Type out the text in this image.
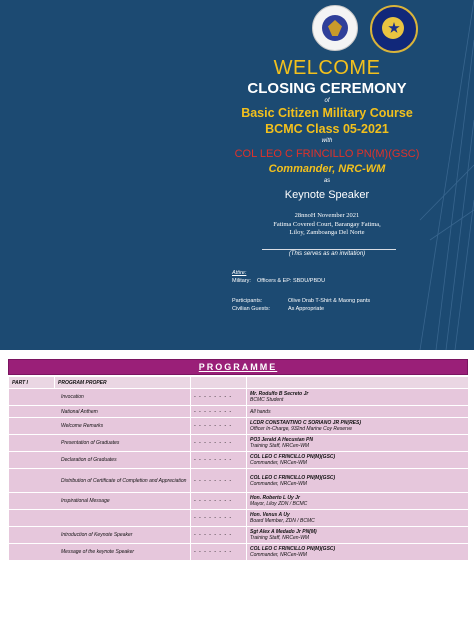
WELCOME
CLOSING CEREMONY
of
Basic Citizen Military Course
BCMC Class 05-2021
with
COL LEO C FRINCILLO PN(M)(GSC)
Commander, NRC-WM
as
Keynote Speaker
28nnoH November 2021
Fatima Covered Court, Barangay Fatima,
Liloy, Zamboanga Del Norte
(This serves as an invitation)
Attire:
Military: Officers & EP: SBDU/PBDU
Participants:	Olive Drab T-Shirt & Maong pants
Civilian Guests:	As Appropriate
PROGRAMME
PART I	PROGRAM PROPER		
Invocation		- - - - - - - -	Mr. Rodulfo B Secreto Jr
BCMC Student

National Anthem		- - - - - - - -	All hands

Welcome Remarks		- - - - - - - -	LCDR CONSTANTINO C SORIANO JR PN(RES)
Officer In-Charge, 932nd Marine Coy Reserve

Presentation of Graduates		- - - - - - - -	PO3 Jerald A Hecustan PN
Training Staff, NRCen-WM

Declaration of Graduates		- - - - - - - -	COL LEO C FRINCILLO PN(M)(GSC)
Commander, NRCen-WM

Distribution of Certificate of Completion and Appreciation		- - - - - - - -	COL LEO C FRINCILLO PN(M)(GSC)
Commander, NRCen-WM

Inspirational Message		- - - - - - - -	Hon. Roberto L Uy Jr
Mayor, Liloy ZDN / BCMC

		- - - - - - - -	Hon. Venus A Uy
Board Member, ZDN / BCMC

Introduction of Keynote Speaker		- - - - - - - -	Sgt Alex A Medado Jr PN(M)
Training Staff, NRCen-WM

Message of the keynote Speaker		- - - - - - - -	COL LEO C FRINCILLO PN(M)(GSC)
Commander, NRCen-WM
